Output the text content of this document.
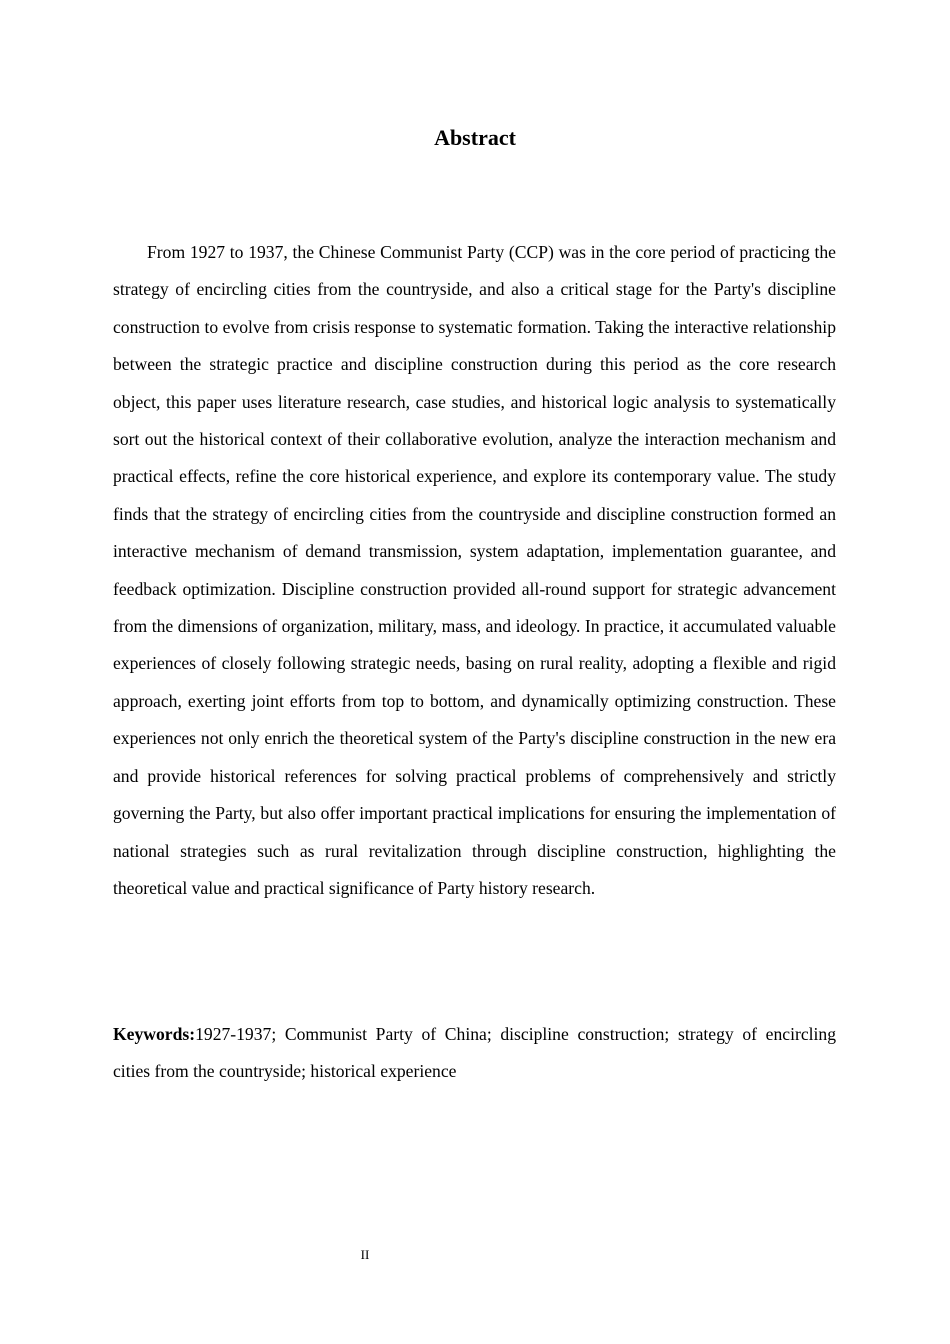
Abstract

From 1927 to 1937, the Chinese Communist Party (CCP) was in the core period of practicing the strategy of encircling cities from the countryside, and also a critical stage for the Party's discipline construction to evolve from crisis response to systematic formation. Taking the interactive relationship between the strategic practice and discipline construction during this period as the core research object, this paper uses literature research, case studies, and historical logic analysis to systematically sort out the historical context of their collaborative evolution, analyze the interaction mechanism and practical effects, refine the core historical experience, and explore its contemporary value. The study finds that the strategy of encircling cities from the countryside and discipline construction formed an interactive mechanism of demand transmission, system adaptation, implementation guarantee, and feedback optimization. Discipline construction provided all-round support for strategic advancement from the dimensions of organization, military, mass, and ideology. In practice, it accumulated valuable experiences of closely following strategic needs, basing on rural reality, adopting a flexible and rigid approach, exerting joint efforts from top to bottom, and dynamically optimizing construction. These experiences not only enrich the theoretical system of the Party's discipline construction in the new era and provide historical references for solving practical problems of comprehensively and strictly governing the Party, but also offer important practical implications for ensuring the implementation of national strategies such as rural revitalization through discipline construction, highlighting the theoretical value and practical significance of Party history research.

Keywords:1927-1937; Communist Party of China; discipline construction; strategy of encircling cities from the countryside; historical experience

II
